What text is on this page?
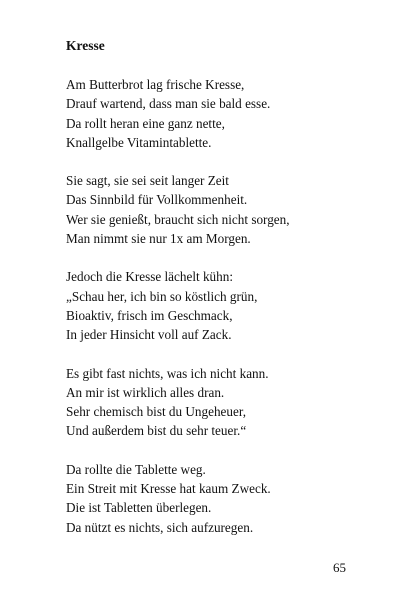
Kresse
Am Butterbrot lag frische Kresse,
Drauf wartend, dass man sie bald esse.
Da rollt heran eine ganz nette,
Knallgelbe Vitamintablette.
Sie sagt, sie sei seit langer Zeit
Das Sinnbild für Vollkommenheit.
Wer sie genießt, braucht sich nicht sorgen,
Man nimmt sie nur 1x am Morgen.
Jedoch die Kresse lächelt kühn:
„Schau her, ich bin so köstlich grün,
Bioaktiv, frisch im Geschmack,
In jeder Hinsicht voll auf Zack.
Es gibt fast nichts, was ich nicht kann.
An mir ist wirklich alles dran.
Sehr chemisch bist du Ungeheuer,
Und außerdem bist du sehr teuer.“
Da rollte die Tablette weg.
Ein Streit mit Kresse hat kaum Zweck.
Die ist Tabletten überlegen.
Da nützt es nichts, sich aufzuregen.
65
